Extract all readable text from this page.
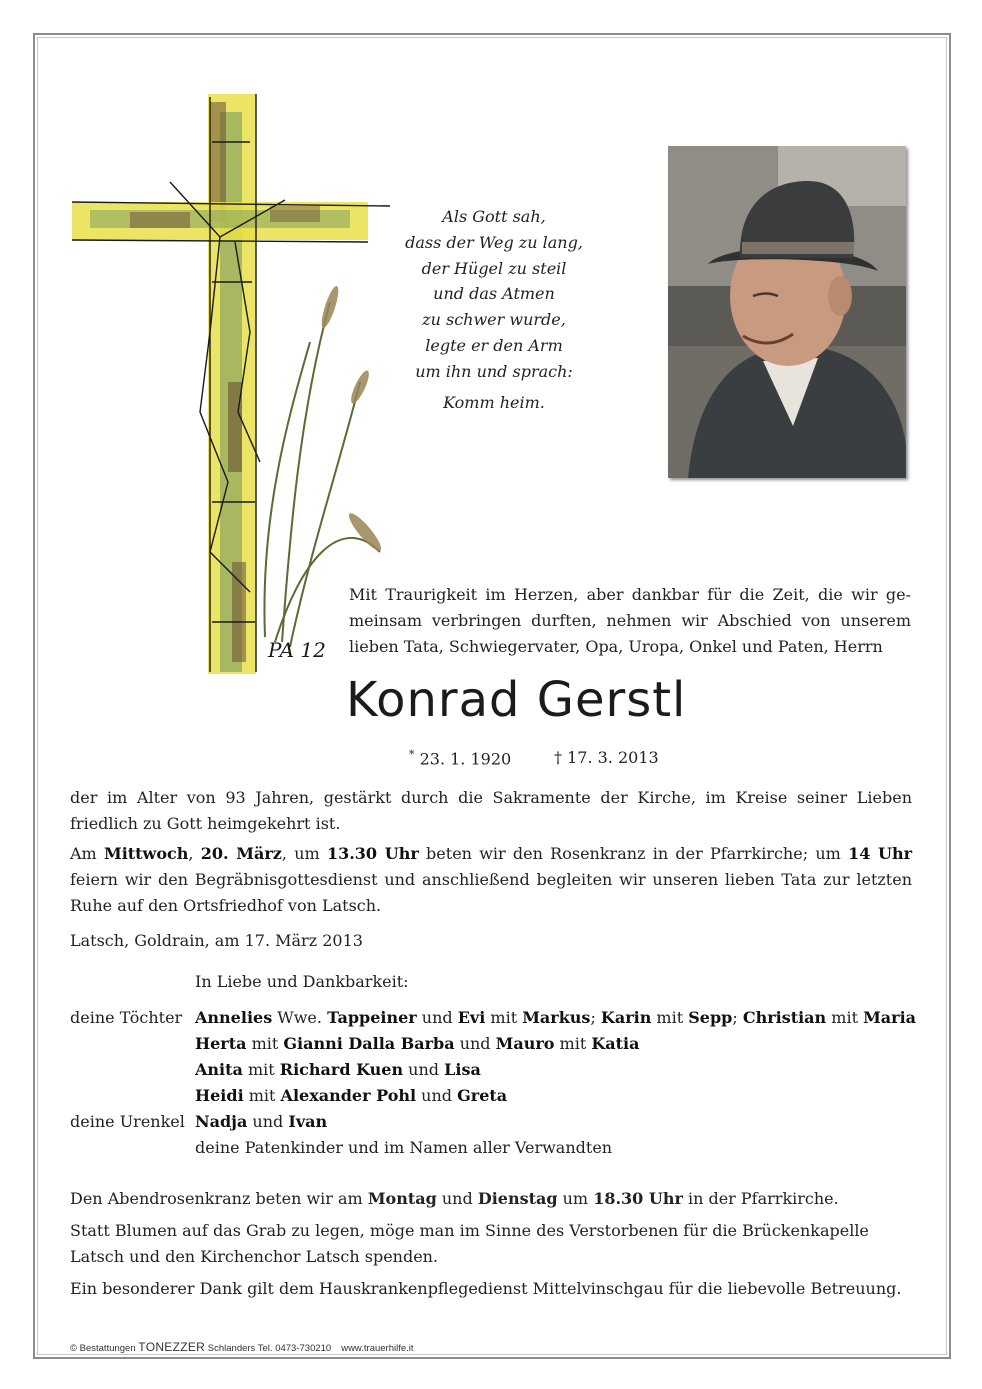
PA 12
Als Gott sah,
dass der Weg zu lang,
der Hügel zu steil
und das Atmen
zu schwer wurde,
legte er den Arm
um ihn und sprach:
Komm heim.
Mit Traurigkeit im Herzen, aber dankbar für die Zeit, die wir ge-
meinsam verbringen durften, nehmen wir Abschied von unserem
lieben Tata, Schwiegervater, Opa, Uropa, Onkel und Paten, Herrn
Konrad Gerstl
* 23. 1. 1920	† 17. 3. 2013
der im Alter von 93 Jahren, gestärkt durch die Sakramente der Kirche, im Kreise seiner Lieben friedlich zu Gott heimgekehrt ist.
Am Mittwoch, 20. März, um 13.30 Uhr beten wir den Rosenkranz in der Pfarrkirche; um 14 Uhr feiern wir den Begräbnisgottesdienst und anschließend begleiten wir unseren lieben Tata zur letzten Ruhe auf den Ortsfriedhof von Latsch.
Latsch, Goldrain, am 17. März 2013
In Liebe und Dankbarkeit:
deine Töchter Annelies Wwe. Tappeiner und Evi mit Markus; Karin mit Sepp; Christian mit Maria
Herta mit Gianni Dalla Barba und Mauro mit Katia
Anita mit Richard Kuen und Lisa
Heidi mit Alexander Pohl und Greta
deine Urenkel Nadja und Ivan
deine Patenkinder und im Namen aller Verwandten
Den Abendrosenkranz beten wir am Montag und Dienstag um 18.30 Uhr in der Pfarrkirche.
Statt Blumen auf das Grab zu legen, möge man im Sinne des Verstorbenen für die Brückenkapelle Latsch und den Kirchenchor Latsch spenden.
Ein besonderer Dank gilt dem Hauskrankenpflegedienst Mittelvinschgau für die liebevolle Betreuung.
© Bestattungen TONEZZER Schlanders Tel. 0473-730210 www.trauerhilfe.it
